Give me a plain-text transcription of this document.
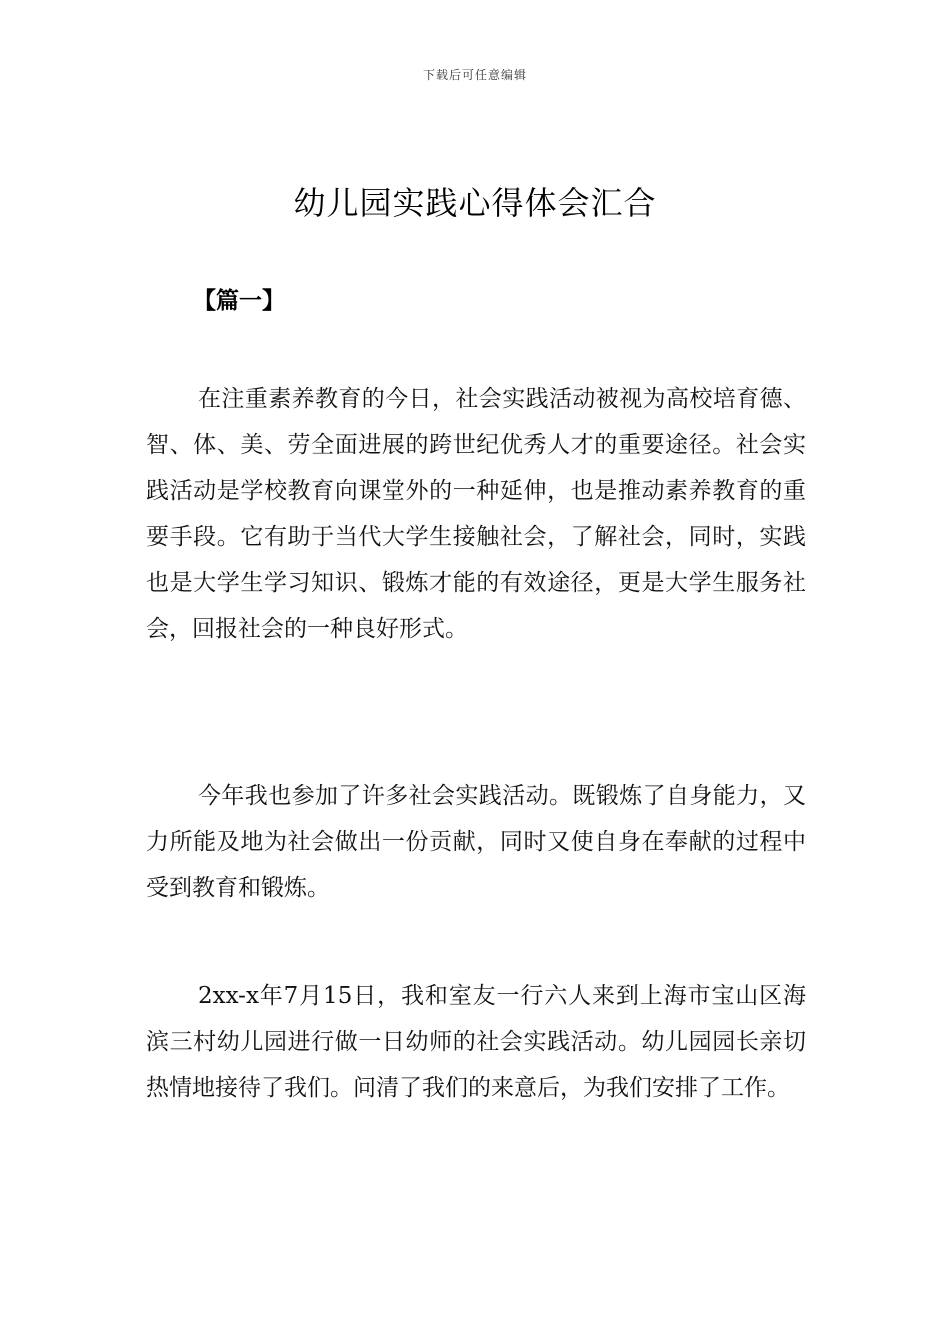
下载后可任意编辑
幼儿园实践心得体会汇合
【篇一】

在注重素养教育的今日，社会实践活动被视为高校培育德、智、体、美、劳全面进展的跨世纪优秀人才的重要途径。社会实践活动是学校教育向课堂外的一种延伸，也是推动素养教育的重要手段。它有助于当代大学生接触社会，了解社会，同时，实践也是大学生学习知识、锻炼才能的有效途径，更是大学生服务社会，回报社会的一种良好形式。

今年我也参加了许多社会实践活动。既锻炼了自身能力，又力所能及地为社会做出一份贡献，同时又使自身在奉献的过程中受到教育和锻炼。

2xx-x年7月15日，我和室友一行六人来到上海市宝山区海滨三村幼儿园进行做一日幼师的社会实践活动。幼儿园园长亲切热情地接待了我们。问清了我们的来意后，为我们安排了工作。
